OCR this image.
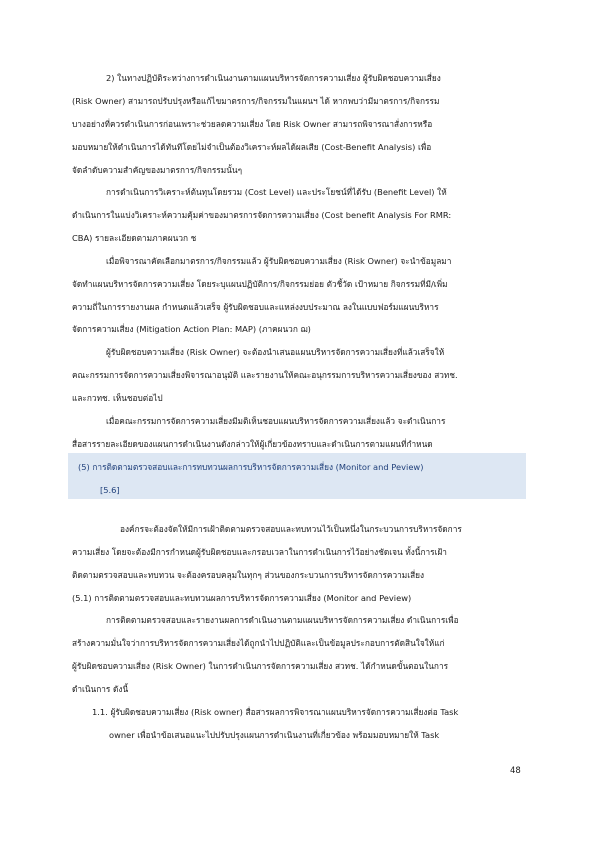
2) ในทางปฏิบัติระหว่างการดำเนินงานตามแผนบริหารจัดการความเสี่ยง ผู้รับผิดชอบความเสี่ยง
(Risk Owner) สามารถปรับปรุงหรือแก้ไขมาตรการ/กิจกรรมในแผนฯ ได้ หากพบว่ามีมาตรการ/กิจกรรม
บางอย่างที่ควรดำเนินการก่อนเพราะช่วยลดความเสี่ยง โดย Risk Owner สามารถพิจารณาสั่งการหรือ
มอบหมายให้ดำเนินการได้ทันทีโดยไม่จำเป็นต้องวิเคราะห์ผลได้ผลเสีย (Cost-Benefit Analysis) เพื่อ
จัดลำดับความสำคัญของมาตรการ/กิจกรรมนั้นๆ
การดำเนินการวิเคราะห์ต้นทุนโดยรวม (Cost Level) และประโยชน์ที่ได้รับ (Benefit Level) ให้
ดำเนินการในแบ่งวิเคราะห์ความคุ้มค่าของมาตรการจัดการความเสี่ยง (Cost benefit Analysis For RMR:
CBA) รายละเอียดตามภาคผนวก ช
เมื่อพิจารณาคัดเลือกมาตรการ/กิจกรรมแล้ว ผู้รับผิดชอบความเสี่ยง (Risk Owner) จะนำข้อมูลมา
จัดทำแผนบริหารจัดการความเสี่ยง โดยระบุแผนปฏิบัติการ/กิจกรรมย่อย ตัวชี้วัด เป้าหมาย กิจกรรมที่มี/เพิ่ม
ความถี่ในการรายงานผล กำหนดแล้วเสร็จ ผู้รับผิดชอบและแหล่งงบประมาณ ลงในแบบฟอร์มแผนบริหาร
จัดการความเสี่ยง (Mitigation Action Plan: MAP) (ภาคผนวก ฌ)
ผู้รับผิดชอบความเสี่ยง (Risk Owner) จะต้องนำเสนอแผนบริหารจัดการความเสี่ยงที่แล้วเสร็จให้
คณะกรรมการจัดการความเสี่ยงพิจารณาอนุมัติ และรายงานให้คณะอนุกรรมการบริหารความเสี่ยงของ สวทช.
และกวทช. เห็นชอบต่อไป
เมื่อคณะกรรมการจัดการความเสี่ยงมีมติเห็นชอบแผนบริหารจัดการความเสี่ยงแล้ว จะดำเนินการ
สื่อสารรายละเอียดของแผนการดำเนินงานดังกล่าวให้ผู้เกี่ยวข้องทราบและดำเนินการตามแผนที่กำหนด
(5) การติดตามตรวจสอบและการทบทวนผลการบริหารจัดการความเสี่ยง (Monitor and Peview)
[5.6]
องค์กรจะต้องจัดให้มีการเฝ้าติดตามตรวจสอบและทบทวนไว้เป็นหนึ่งในกระบวนการบริหารจัดการ
ความเสี่ยง โดยจะต้องมีการกำหนดผู้รับผิดชอบและกรอบเวลาในการดำเนินการไว้อย่างชัดเจน ทั้งนี้การเฝ้า
ติดตามตรวจสอบและทบทวน จะต้องครอบคลุมในทุกๆ ส่วนของกระบวนการบริหารจัดการความเสี่ยง
(5.1) การติดตามตรวจสอบและทบทวนผลการบริหารจัดการความเสี่ยง (Monitor and Peview)
การติดตามตรวจสอบและรายงานผลการดำเนินงานตามแผนบริหารจัดการความเสี่ยง ดำเนินการเพื่อ
สร้างความมั่นใจว่าการบริหารจัดการความเสี่ยงได้ถูกนำไปปฏิบัติและเป็นข้อมูลประกอบการตัดสินใจให้แก่
ผู้รับผิดชอบความเสี่ยง (Risk Owner) ในการดำเนินการจัดการความเสี่ยง สวทช. ได้กำหนดขั้นตอนในการ
ดำเนินการ ดังนี้
1.1. ผู้รับผิดชอบความเสี่ยง (Risk owner) สื่อสารผลการพิจารณาแผนบริหารจัดการความเสี่ยงต่อ Task
owner เพื่อนำข้อเสนอแนะไปปรับปรุงแผนการดำเนินงานที่เกี่ยวข้อง พร้อมมอบหมายให้ Task
48
